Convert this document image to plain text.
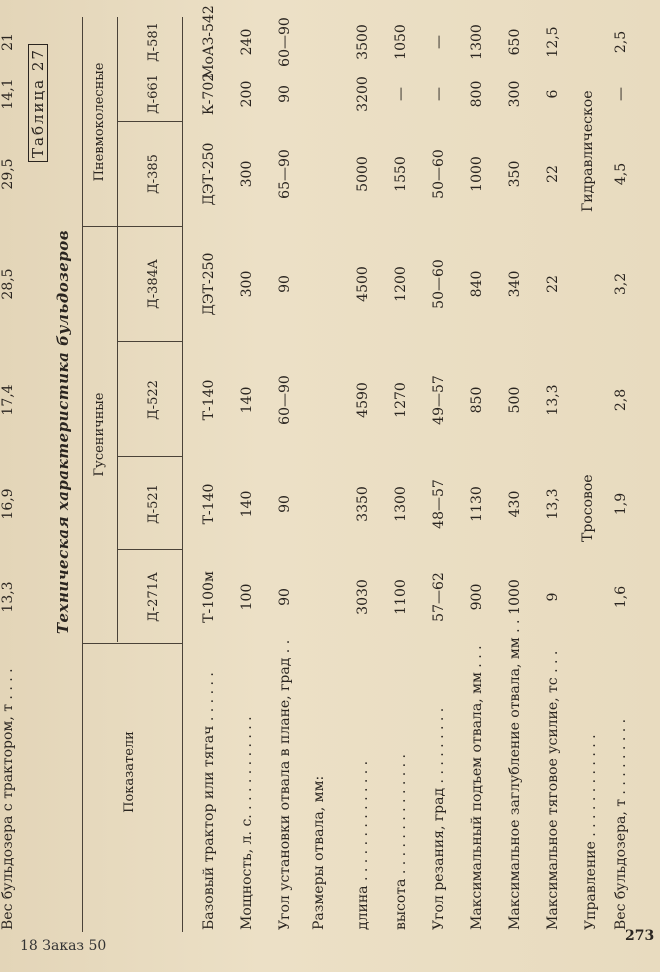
Техническая характеристика бульдозеров
Таблица 27
Показатели
Гусеничные
Пневмоколесные
Д-271А
Д-521
Д-522
Д-384А
Д-385
Д-661
Д-581
Базовый трактор или тягач . . . . . .
Т-100м
Т-140
Т-140
ДЭТ-250
ДЭТ-250
К-702
МоАЗ-542
Мощность, л. с. . . . . . . . . . . .
100
140
140
300
300
200
240
Угол установки отвала в плане, град . .
90
90
60—90
90
65—90
90
60—90
Размеры отвала, мм: длина . . . . . . . . . . . . . .
3030
3350
4590
4500
5000
3200
3500
высота . . . . . . . . . . . . . .
1100
1300
1270
1200
1550
—
1050
Угол резания, град . . . . . . . . .
57—62
48—57
49—57
50—60
50—60
—
—
Максимальный подъем отвала, мм . . .
900
1130
850
840
1000
800
1300
Максимальное заглубление отвала, мм . .
1000
430
500
340
350
300
650
Максимальное тяговое усилие, тс . . .
9
13,3
13,3
22
22
6
12,5
Управление . . . . . . . . . . . .
Тросовое
Гидравлическое
Вес бульдозера, т . . . . . . . . .
1,6
1,9
2,8
3,2
4,5
—
2,5
Вес бульдозера с трактором, т . . . .
13,3
16,9
17,4
28,5
29,5
14,1
21
18 Заказ 50
273
